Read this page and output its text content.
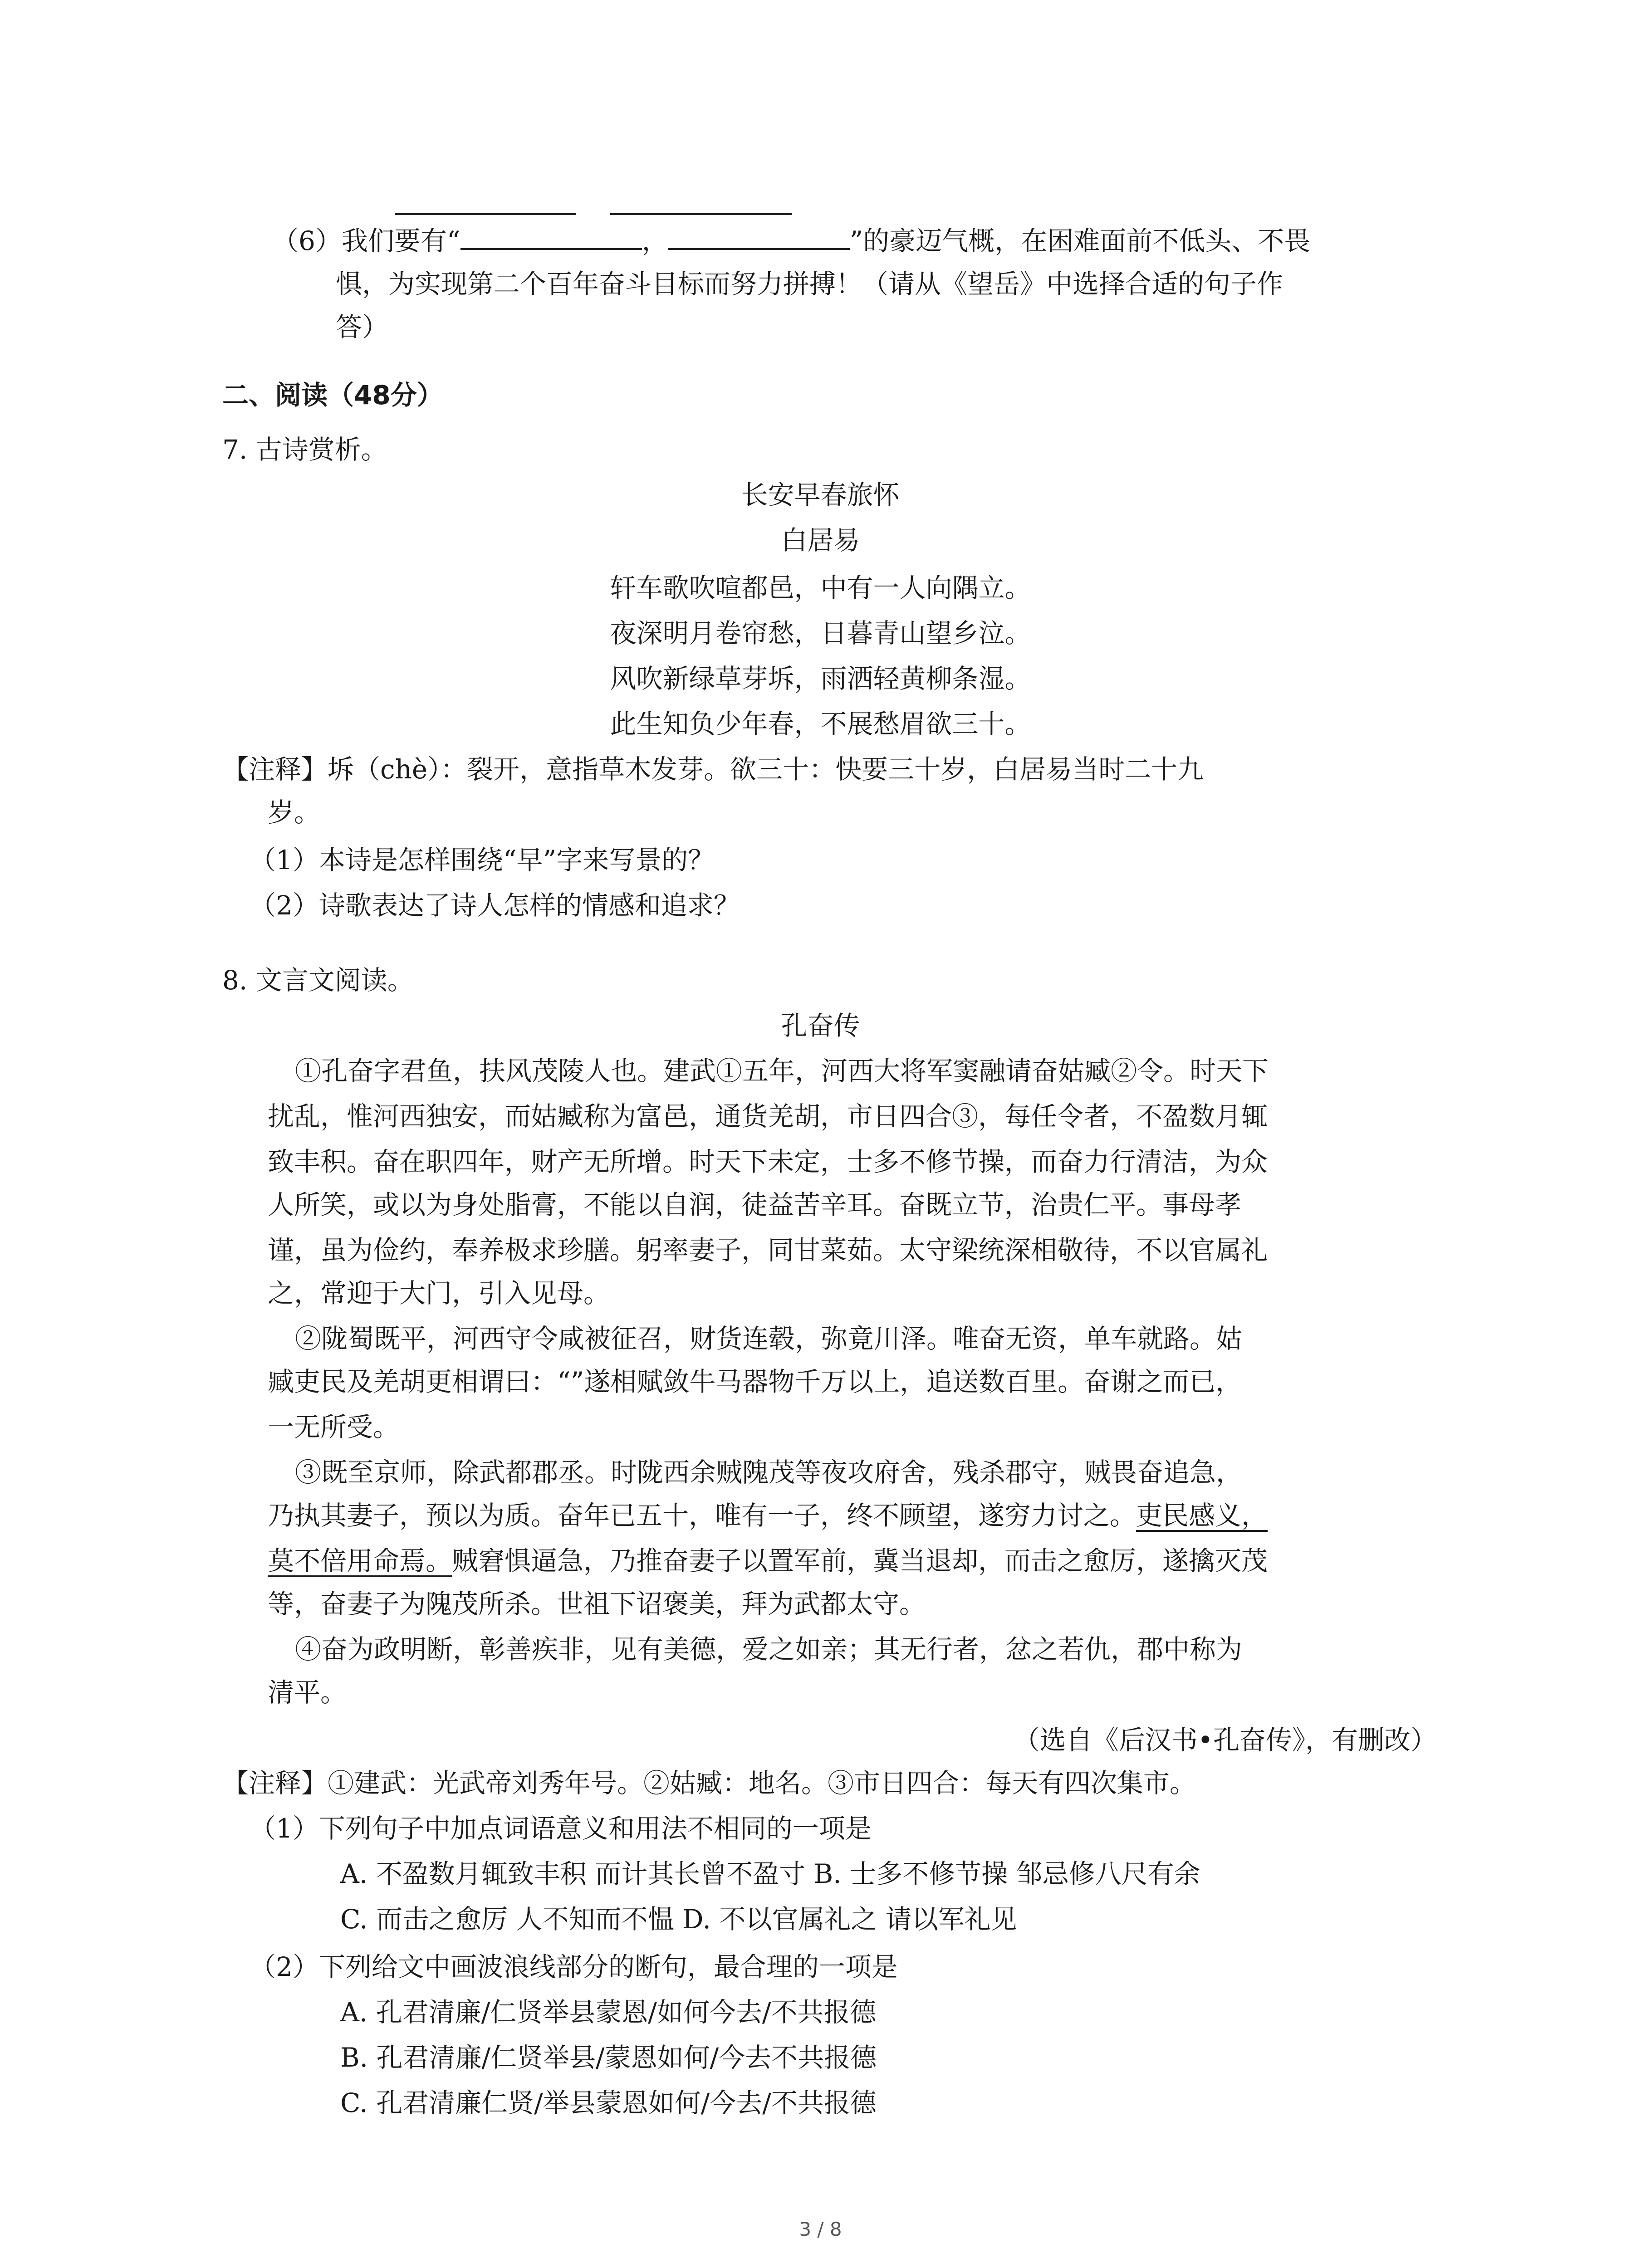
（6）我们要有“	，	”的豪迈气概，在困难面前不低头、不畏
惧，为实现第二个百年奋斗目标而努力拼搏！（请从《望岳》中选择合适的句子作
答）
二、阅读（48分）
7. 古诗赏析。
长安早春旅怀
白居易
轩车歌吹喧都邑，中有一人向隅立。
夜深明月卷帘愁，日暮青山望乡泣。
风吹新绿草芽坼，雨洒轻黄柳条湿。
此生知负少年春，不展愁眉欲三十。
【注释】坼（chè）：裂开，意指草木发芽。欲三十：快要三十岁，白居易当时二十九
岁。
（1）本诗是怎样围绕“早”字来写景的？
（2）诗歌表达了诗人怎样的情感和追求？
8. 文言文阅读。
孔奋传
①孔奋字君鱼，扶风茂陵人也。建武①五年，河西大将军窦融请奋姑臧②令。时天下
扰乱，惟河西独安，而姑臧称为富邑，通货羌胡，市日四合③，每任令者，不盈数月辄
致丰积。奋在职四年，财产无所增。时天下未定，士多不修节操，而奋力行清洁，为众
人所笑，或以为身处脂膏，不能以自润，徒益苦辛耳。奋既立节，治贵仁平。事母孝
谨，虽为俭约，奉养极求珍膳。躬率妻子，同甘菜茹。太守梁统深相敬待，不以官属礼
之，常迎于大门，引入见母。
②陇蜀既平，河西守令咸被征召，财货连毂，弥竟川泽。唯奋无资，单车就路。姑
臧吏民及羌胡更相谓曰：“”遂相赋敛牛马器物千万以上，追送数百里。奋谢之而已，
一无所受。
③既至京师，除武都郡丞。时陇西余贼隗茂等夜攻府舍，残杀郡守，贼畏奋追急，
乃执其妻子，预以为质。奋年已五十，唯有一子，终不顾望，遂穷力讨之。吏民感义，
莫不倍用命焉。贼窘惧逼急，乃推奋妻子以置军前，冀当退却，而击之愈厉，遂擒灭茂
等，奋妻子为隗茂所杀。世祖下诏褒美，拜为武都太守。
④奋为政明断，彰善疾非，见有美德，爱之如亲；其无行者，忿之若仇，郡中称为
清平。
（选自《后汉书•孔奋传》，有删改）
【注释】①建武：光武帝刘秀年号。②姑臧：地名。③市日四合：每天有四次集市。
（1）下列句子中加点词语意义和用法不相同的一项是
A. 不盈数月辄致丰积 而计其长曾不盈寸 B. 士多不修节操 邹忌修八尺有余
C. 而击之愈厉 人不知而不愠 D. 不以官属礼之 请以军礼见
（2）下列给文中画波浪线部分的断句，最合理的一项是
A. 孔君清廉/仁贤举县蒙恩/如何今去/不共报德
B. 孔君清廉/仁贤举县/蒙恩如何/今去不共报德
C. 孔君清廉仁贤/举县蒙恩如何/今去/不共报德
3 / 8
